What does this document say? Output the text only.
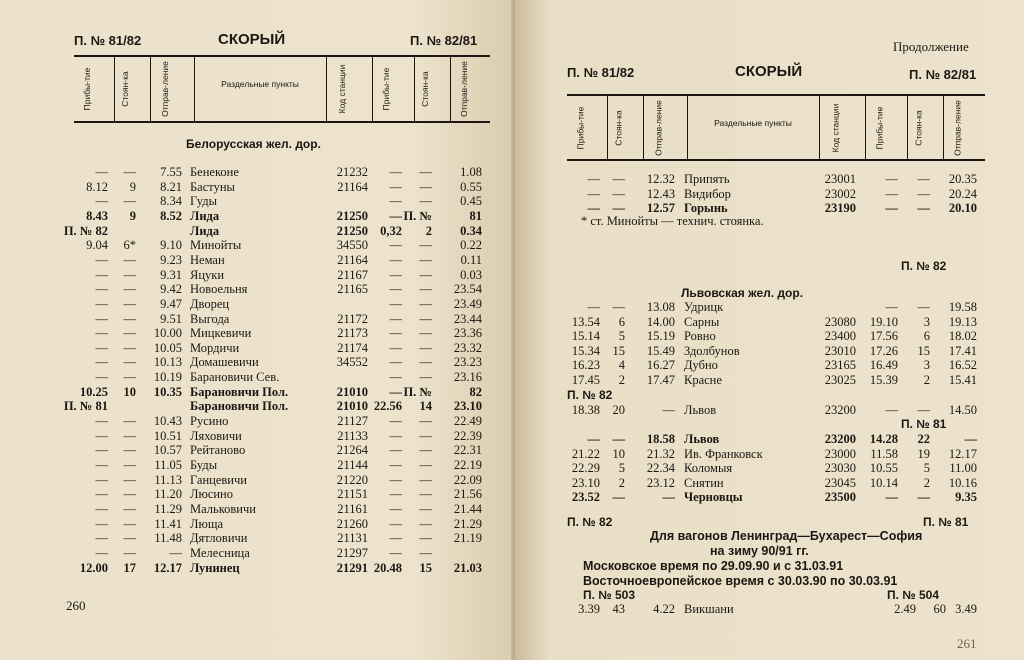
П. № 81/82	СКОРЫЙ	П. № 82/81
Прибы-тие	Стоян-ка	Отправ-ление	Раздельные пункты	Код станции	Прибы-тие	Стоян-ка	Отправ-ление
Белорусская жел. дор.
— — 7.55 Бенеконе	21232 — — 1.08
8.12 9 8.21 Бастуны	21164 — — 0.55
— — 8.34 Гуды	— — 0.45
8.43 9 8.52 Лида	21250 — П. №	81
П. № 82	Лида	21250 0,32 2 0.34
9.04 6* 9.10 Минойты	34550 — — 0.22
— — 9.23 Неман	21164 — — 0.11
— — 9.31 Яцуки	21167 — — 0.03
— — 9.42 Новоельня	21165 — — 23.54
— — 9.47 Дворец	— — 23.49
— — 9.51 Выгода	21172 — — 23.44
— — 10.00 Мицкевичи	21173 — — 23.36
— — 10.05 Мордичи	21174 — — 23.32
— — 10.13 Домашевичи	34552 — — 23.23
— — 10.19 Барановичи Сев.	— — 23.16
10.25 10 10.35 Барановичи Пол.	21010 — П. №	82
П. № 81	Барановичи Пол.	21010 22.56 14 23.10
— — 10.43 Русино	21127 — — 22.49
— — 10.51 Ляховичи	21133 — — 22.39
— — 10.57 Рейтаново	21264 — — 22.31
— — 11.05 Буды	21144 — — 22.19
— — 11.13 Ганцевичи	21220 — — 22.09
— — 11.20 Люсино	21151 — — 21.56
— — 11.29 Мальковичи	21161 — — 21.44
— — 11.41 Люща	21260 — — 21.29
— — 11.48 Дятловичи	21131 — — 21.19
— —	— Мелесница	21297 — —
12.00 17 12.17 Лунинец	21291 20.48 15 21.03
260
Продолжение
П. № 81/82	СКОРЫЙ	П. № 82/81
Прибы-тие	Стоян-ка	Отправ-ление	Раздельные пункты	Код станции	Прибы-тие	Стоян-ка	Отправ-ление
— — 12.32 Припять	23001 — — 20.35
— — 12.43 Видибор	23002 — — 20.24
— — 12.57 Горынь	23190 — — 20.10
* ст. Минойты — технич. стоянка.
П. № 82
Львовская жел. дор.
— — 13.08 Удрицк	— — 19.58
13.54 6 14.00 Сарны	23080 19.10 3 19.13
15.14 5 15.19 Ровно	23400 17.56 6 18.02
15.34 15 15.49 Здолбунов	23010 17.26 15 17.41
16.23 4 16.27 Дубно	23165 16.49 3 16.52
17.45 2 17.47 Красне	23025 15.39 2 15.41
П. № 82
18.38 20	— Львов	23200 — — 14.50
П. № 81
— — 18.58 Львов	23200 14.28 22	—
21.22 10 21.32 Ив. Франковск	23000 11.58 19 12.17
22.29 5 22.34 Коломыя	23030 10.55 5 11.00
23.10 2 23.12 Снятин	23045 10.14 2 10.16
23.52 —	— Черновцы	23500 — — 9.35
П. № 82	П. № 81
Для вагонов Ленинград—Бухарест—София
на зиму 90/91 гг.
Московское время по 29.09.90 и с 31.03.91
Восточноевропейское время с 30.03.90 по 30.03.91
П. № 503	П. № 504
3.39 43 4.22 Викшани	2.49 60 3.49
261
